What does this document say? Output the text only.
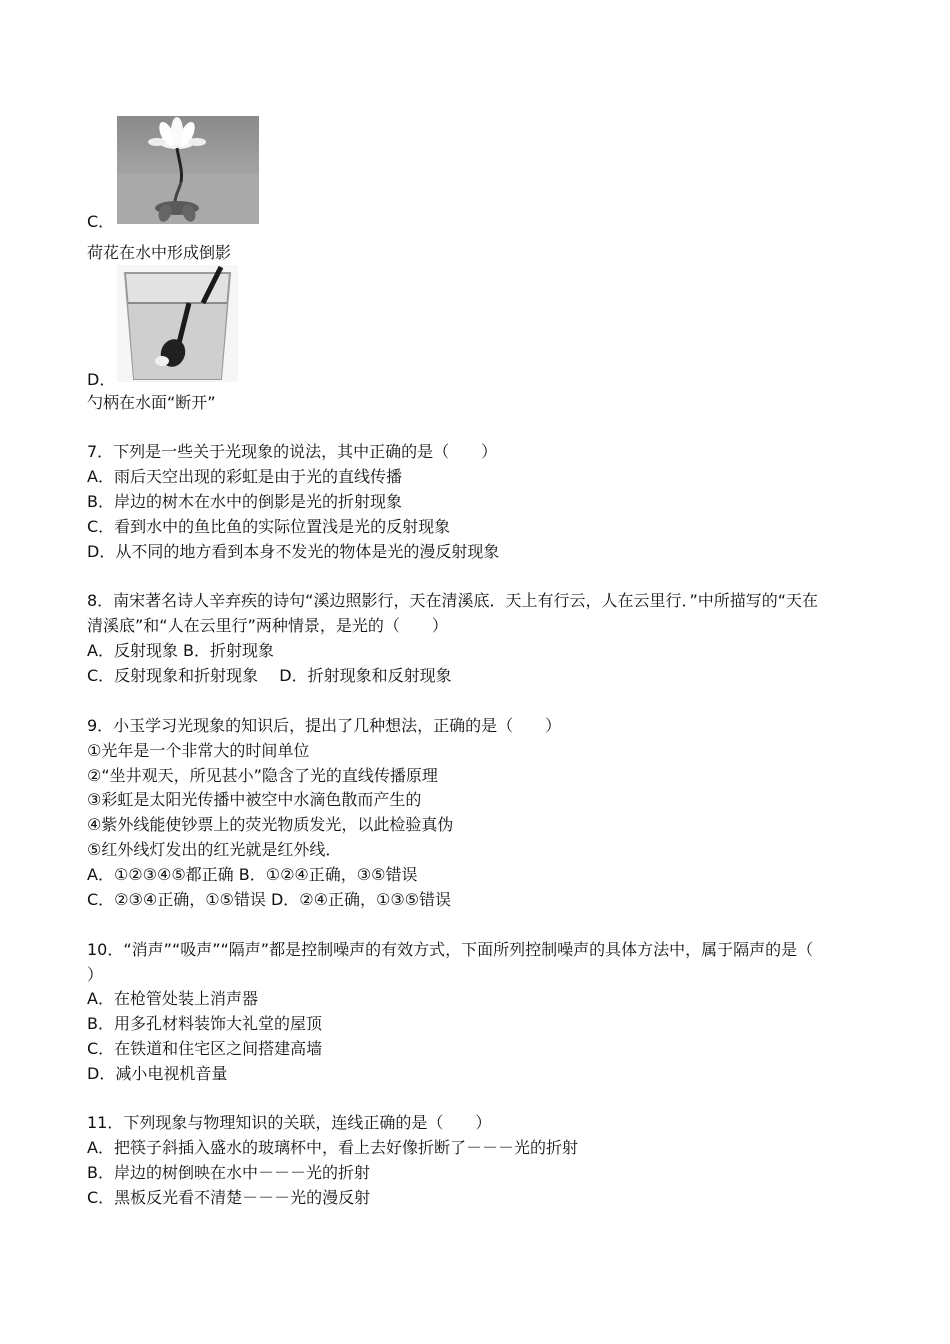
C．
荷花在水中形成倒影
D．
勺柄在水面“断开”
7．下列是一些关于光现象的说法，其中正确的是（　　）
A．雨后天空出现的彩虹是由于光的直线传播
B．岸边的树木在水中的倒影是光的折射现象
C．看到水中的鱼比鱼的实际位置浅是光的反射现象
D．从不同的地方看到本身不发光的物体是光的漫反射现象
8．南宋著名诗人辛弃疾的诗句“溪边照影行，天在清溪底．天上有行云，人在云里行．”中所描写的“天在
清溪底”和“人在云里行”两种情景，是光的（　　）
A．反射现象 B．折射现象
C．反射现象和折射现象　 D．折射现象和反射现象
9．小玉学习光现象的知识后，提出了几种想法，正确的是（　　）
①光年是一个非常大的时间单位
②“坐井观天，所见甚小”隐含了光的直线传播原理
③彩虹是太阳光传播中被空中水滴色散而产生的
④紫外线能使钞票上的荧光物质发光，以此检验真伪
⑤红外线灯发出的红光就是红外线．
A．①②③④⑤都正确 B．①②④正确，③⑤错误
C．②③④正确，①⑤错误 D．②④正确，①③⑤错误
10．“消声”“吸声”“隔声”都是控制噪声的有效方式，下面所列控制噪声的具体方法中，属于隔声的是（
）
A．在枪管处装上消声器
B．用多孔材料装饰大礼堂的屋顶
C．在铁道和住宅区之间搭建高墙
D．减小电视机音量
11．下列现象与物理知识的关联，连线正确的是（　　）
A．把筷子斜插入盛水的玻璃杯中，看上去好像折断了－－－光的折射
B．岸边的树倒映在水中－－－光的折射
C．黑板反光看不清楚－－－光的漫反射
